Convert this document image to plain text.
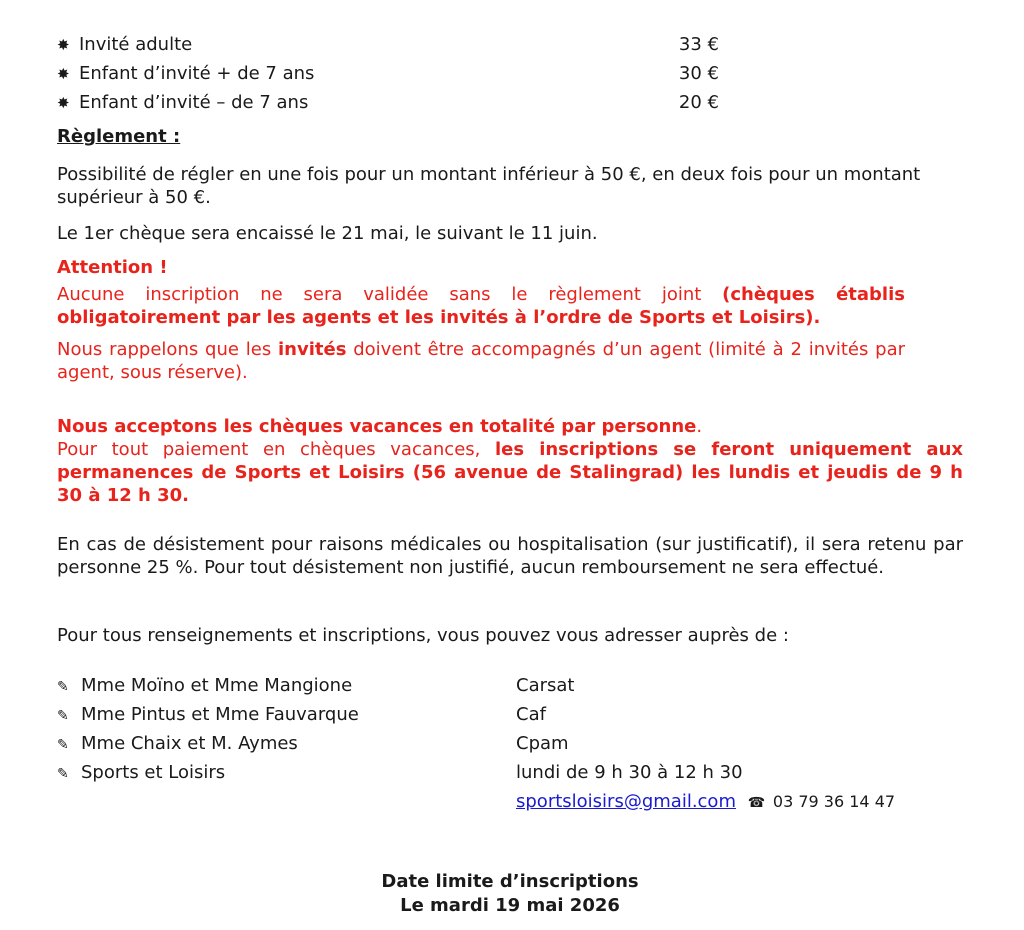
✸ Invité adulte	33 €
✸ Enfant d’invité + de 7 ans	30 €
✸ Enfant d’invité – de 7 ans	20 €
Règlement :
Possibilité de régler en une fois pour un montant inférieur à 50 €, en deux fois pour un montant supérieur à 50 €.
Le 1er chèque sera encaissé le 21 mai, le suivant le 11 juin.
Attention !
Aucune inscription ne sera validée sans le règlement joint (chèques établis obligatoirement par les agents et les invités à l’ordre de Sports et Loisirs).
Nous rappelons que les invités doivent être accompagnés d’un agent (limité à 2 invités par agent, sous réserve).
Nous acceptons les chèques vacances en totalité par personne.
Pour tout paiement en chèques vacances, les inscriptions se feront uniquement aux permanences de Sports et Loisirs (56 avenue de Stalingrad) les lundis et jeudis de 9 h 30 à 12 h 30.
En cas de désistement pour raisons médicales ou hospitalisation (sur justificatif), il sera retenu par personne 25 %. Pour tout désistement non justifié, aucun remboursement ne sera effectué.
Pour tous renseignements et inscriptions, vous pouvez vous adresser auprès de :
✎ Mme Moïno et Mme Mangione	Carsat
✎ Mme Pintus et Mme Fauvarque	Caf
✎ Mme Chaix et M. Aymes	Cpam
✎ Sports et Loisirs	lundi de 9 h 30 à 12 h 30
sportsloisirs@gmail.com ☎ 03 79 36 14 47
Date limite d’inscriptions
Le mardi 19 mai 2026
